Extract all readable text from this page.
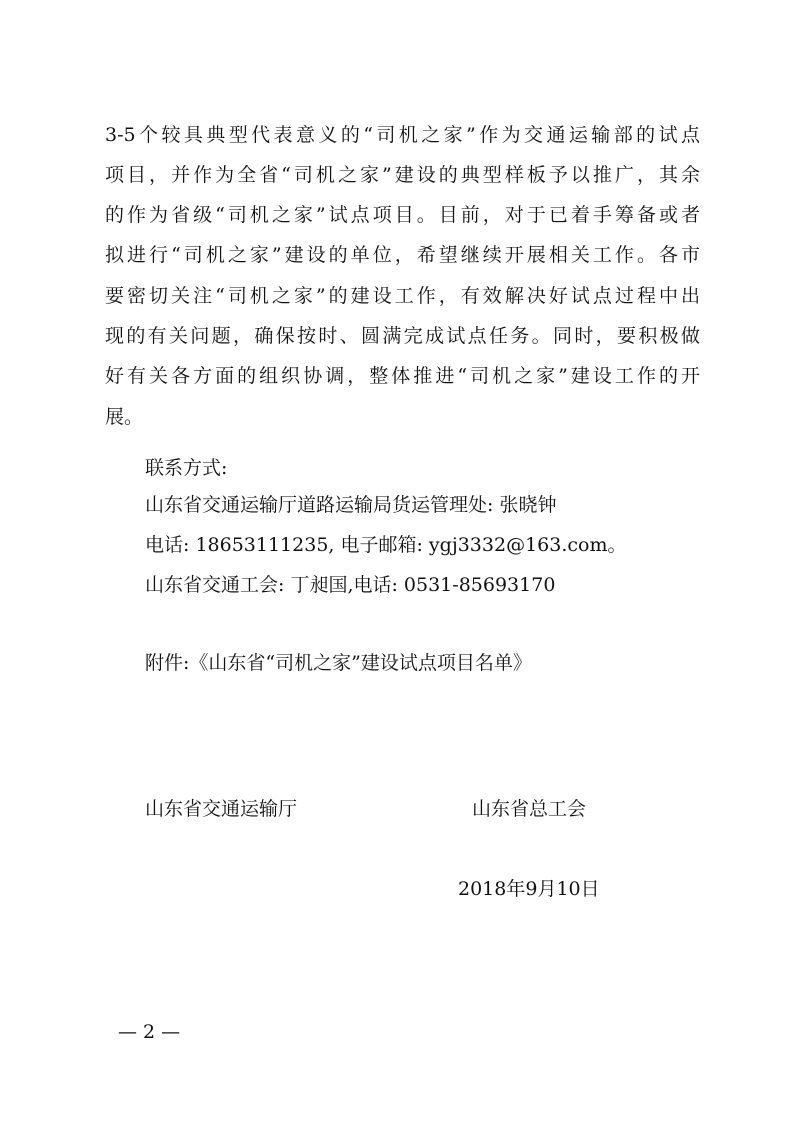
3-5个较具典型代表意义的“司机之家”作为交通运输部的试点
项目，并作为全省“司机之家”建设的典型样板予以推广，其余
的作为省级“司机之家”试点项目。目前，对于已着手筹备或者
拟进行“司机之家”建设的单位，希望继续开展相关工作。各市
要密切关注“司机之家”的建设工作，有效解决好试点过程中出
现的有关问题，确保按时、圆满完成试点任务。同时，要积极做
好有关各方面的组织协调，整体推进“司机之家”建设工作的开
展。
联系方式:
山东省交通运输厅道路运输局货运管理处: 张晓钟
电话: 18653111235, 电子邮箱: ygj3332@163.com。
山东省交通工会: 丁昶国,电话: 0531-85693170
附件:《山东省“司机之家”建设试点项目名单》
山东省交通运输厅	山东省总工会
2018年9月10日
— 2 —
